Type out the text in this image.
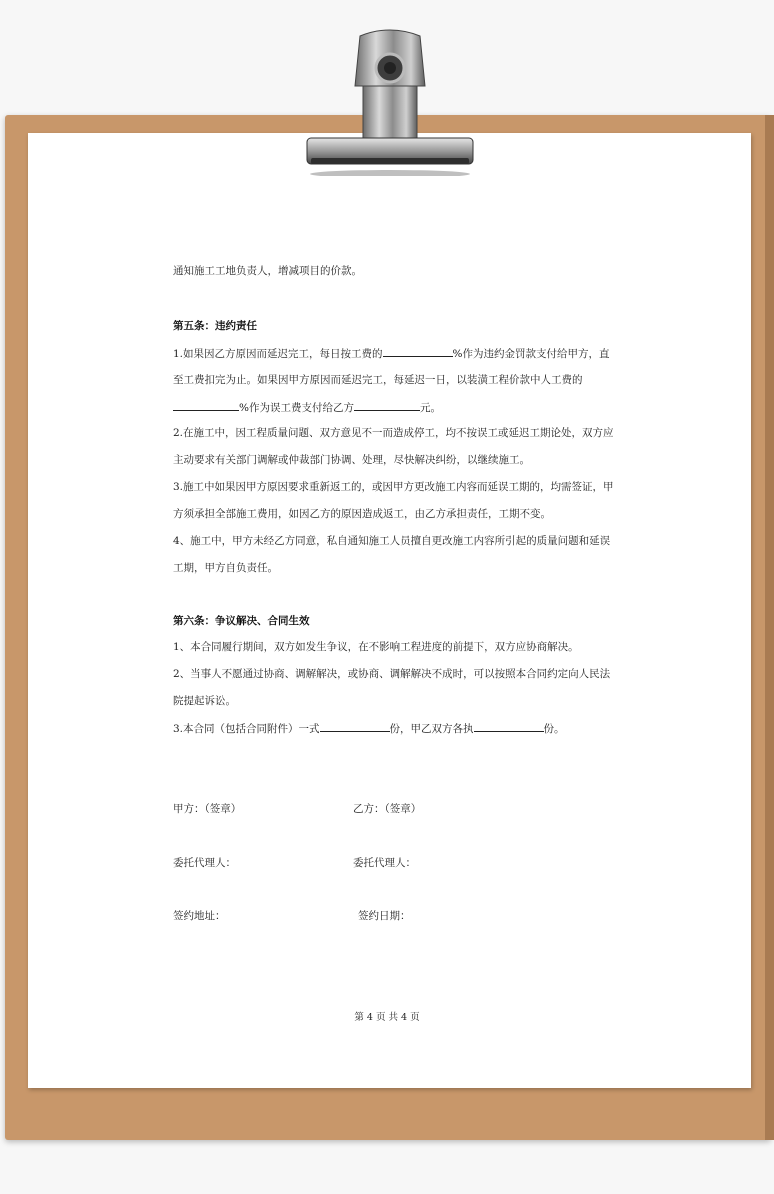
通知施工工地负责人，增减项目的价款。
第五条：违约责任
1.如果因乙方原因而延迟完工，每日按工费的	%作为违约金罚款支付给甲方，直
至工费扣完为止。如果因甲方原因而延迟完工，每延迟一日，以装潢工程价款中人工费的
%作为误工费支付给乙方	元。
2.在施工中，因工程质量问题、双方意见不一而造成停工，均不按误工或延迟工期论处，双方应
主动要求有关部门调解或仲裁部门协调、处理，尽快解决纠纷，以继续施工。
3.施工中如果因甲方原因要求重新返工的，或因甲方更改施工内容而延误工期的，均需签证，甲
方须承担全部施工费用，如因乙方的原因造成返工，由乙方承担责任，工期不变。
4、施工中，甲方未经乙方同意，私自通知施工人员擅自更改施工内容所引起的质量问题和延误
工期，甲方自负责任。
第六条：争议解决、合同生效
1、本合同履行期间，双方如发生争议，在不影响工程进度的前提下，双方应协商解决。
2、当事人不愿通过协商、调解解决，或协商、调解解决不成时，可以按照本合同约定向人民法
院提起诉讼。
3.本合同（包括合同附件）一式	份，甲乙双方各执	份。
甲方：（签章）	乙方：（签章）
委托代理人：	委托代理人：
签约地址：	签约日期：
第 4 页 共 4 页
